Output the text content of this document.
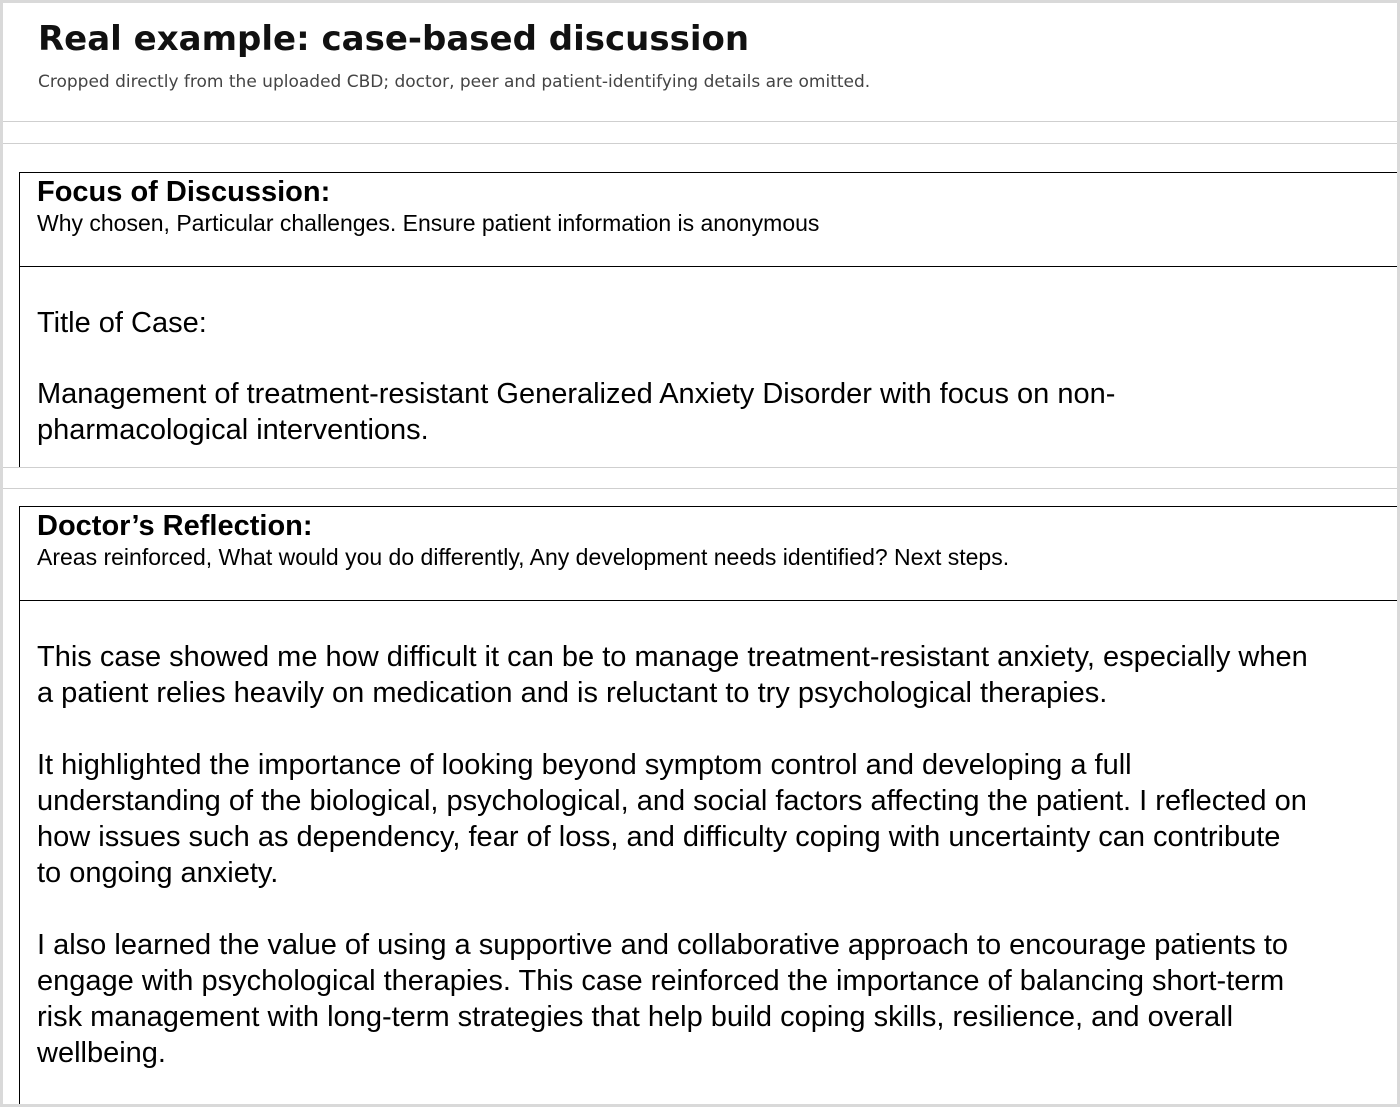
Real example: case-based discussion

Cropped directly from the uploaded CBD; doctor, peer and patient-identifying details are omitted.

Focus of Discussion:

Why chosen, Particular challenges. Ensure patient information is anonymous

Title of Case:

Management of treatment-resistant Generalized Anxiety Disorder with focus on non-
pharmacological interventions.

Doctor’s Reflection:

Areas reinforced, What would you do differently, Any development needs identified? Next steps.

This case showed me how difficult it can be to manage treatment-resistant anxiety, especially when
a patient relies heavily on medication and is reluctant to try psychological therapies.

It highlighted the importance of looking beyond symptom control and developing a full
understanding of the biological, psychological, and social factors affecting the patient. I reflected on
how issues such as dependency, fear of loss, and difficulty coping with uncertainty can contribute
to ongoing anxiety.

I also learned the value of using a supportive and collaborative approach to encourage patients to
engage with psychological therapies. This case reinforced the importance of balancing short-term
risk management with long-term strategies that help build coping skills, resilience, and overall
wellbeing.
